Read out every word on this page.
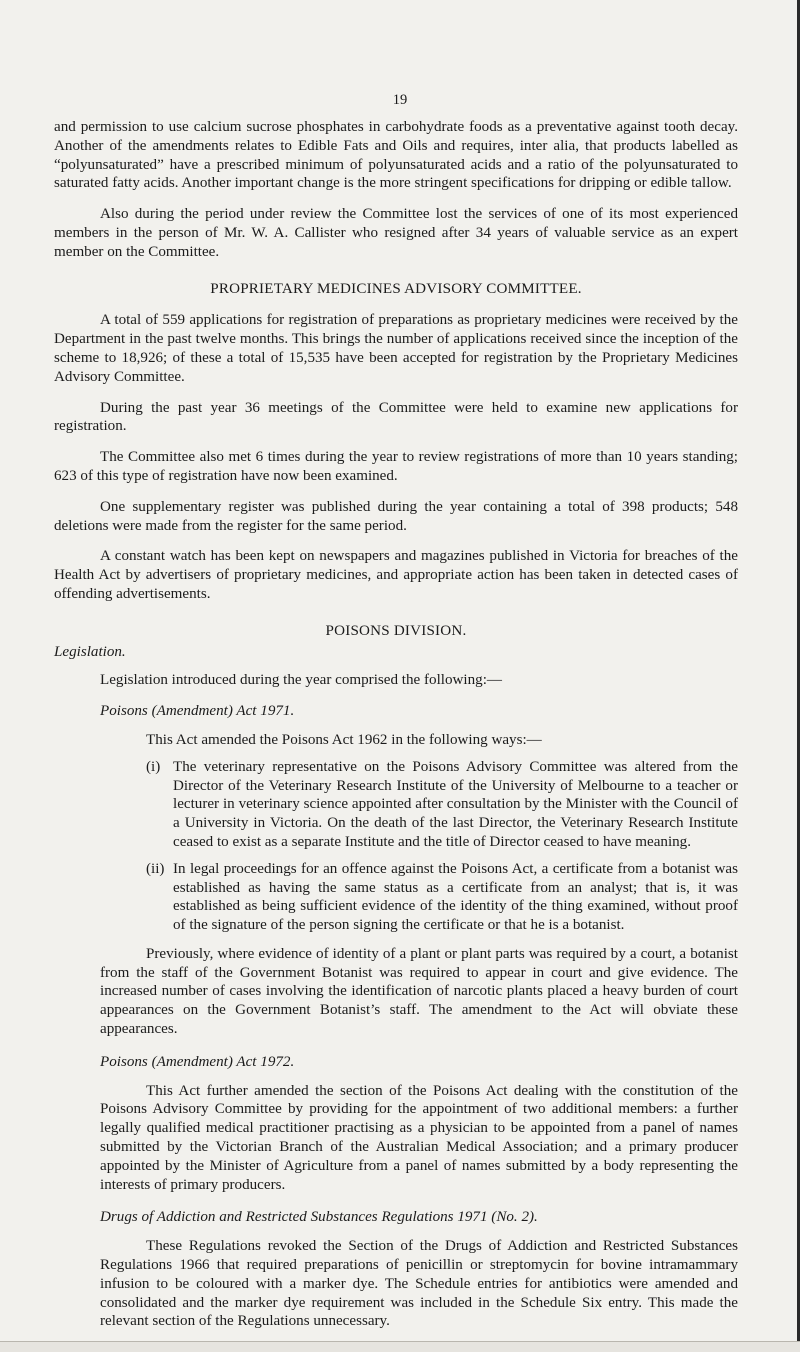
19

and permission to use calcium sucrose phosphates in carbohydrate foods as a preventative against tooth decay. Another of the amendments relates to Edible Fats and Oils and requires, inter alia, that products labelled as “polyunsaturated” have a prescribed minimum of polyunsaturated acids and a ratio of the polyunsaturated to saturated fatty acids. Another important change is the more stringent specifications for dripping or edible tallow.

Also during the period under review the Committee lost the services of one of its most experienced members in the person of Mr. W. A. Callister who resigned after 34 years of valuable service as an expert member on the Committee.

PROPRIETARY MEDICINES ADVISORY COMMITTEE.

A total of 559 applications for registration of preparations as proprietary medicines were received by the Department in the past twelve months. This brings the number of applications received since the inception of the scheme to 18,926; of these a total of 15,535 have been accepted for registration by the Proprietary Medicines Advisory Committee.

During the past year 36 meetings of the Committee were held to examine new applications for registration.

The Committee also met 6 times during the year to review registrations of more than 10 years standing; 623 of this type of registration have now been examined.

One supplementary register was published during the year containing a total of 398 products; 548 deletions were made from the register for the same period.

A constant watch has been kept on newspapers and magazines published in Victoria for breaches of the Health Act by advertisers of proprietary medicines, and appropriate action has been taken in detected cases of offending advertisements.

POISONS DIVISION.
Legislation.

Legislation introduced during the year comprised the following:—

Poisons (Amendment) Act 1971.

This Act amended the Poisons Act 1962 in the following ways:—

(i) The veterinary representative on the Poisons Advisory Committee was altered from the Director of the Veterinary Research Institute of the University of Melbourne to a teacher or lecturer in veterinary science appointed after consultation by the Minister with the Council of a University in Victoria. On the death of the last Director, the Veterinary Research Institute ceased to exist as a separate Institute and the title of Director ceased to have meaning.
(ii) In legal proceedings for an offence against the Poisons Act, a certificate from a botanist was established as having the same status as a certificate from an analyst; that is, it was established as being sufficient evidence of the identity of the thing examined, without proof of the signature of the person signing the certificate or that he is a botanist.

Previously, where evidence of identity of a plant or plant parts was required by a court, a botanist from the staff of the Government Botanist was required to appear in court and give evidence. The increased number of cases involving the identification of narcotic plants placed a heavy burden of court appearances on the Government Botanist’s staff. The amendment to the Act will obviate these appearances.

Poisons (Amendment) Act 1972.

This Act further amended the section of the Poisons Act dealing with the constitution of the Poisons Advisory Committee by providing for the appointment of two additional members: a further legally qualified medical practitioner practising as a physician to be appointed from a panel of names submitted by the Victorian Branch of the Australian Medical Association; and a primary producer appointed by the Minister of Agriculture from a panel of names submitted by a body representing the interests of primary producers.

Drugs of Addiction and Restricted Substances Regulations 1971 (No. 2).

These Regulations revoked the Section of the Drugs of Addiction and Restricted Substances Regulations 1966 that required preparations of penicillin or streptomycin for bovine intramammary infusion to be coloured with a marker dye. The Schedule entries for antibiotics were amended and consolidated and the marker dye requirement was included in the Schedule Six entry. This made the relevant section of the Regulations unnecessary.
